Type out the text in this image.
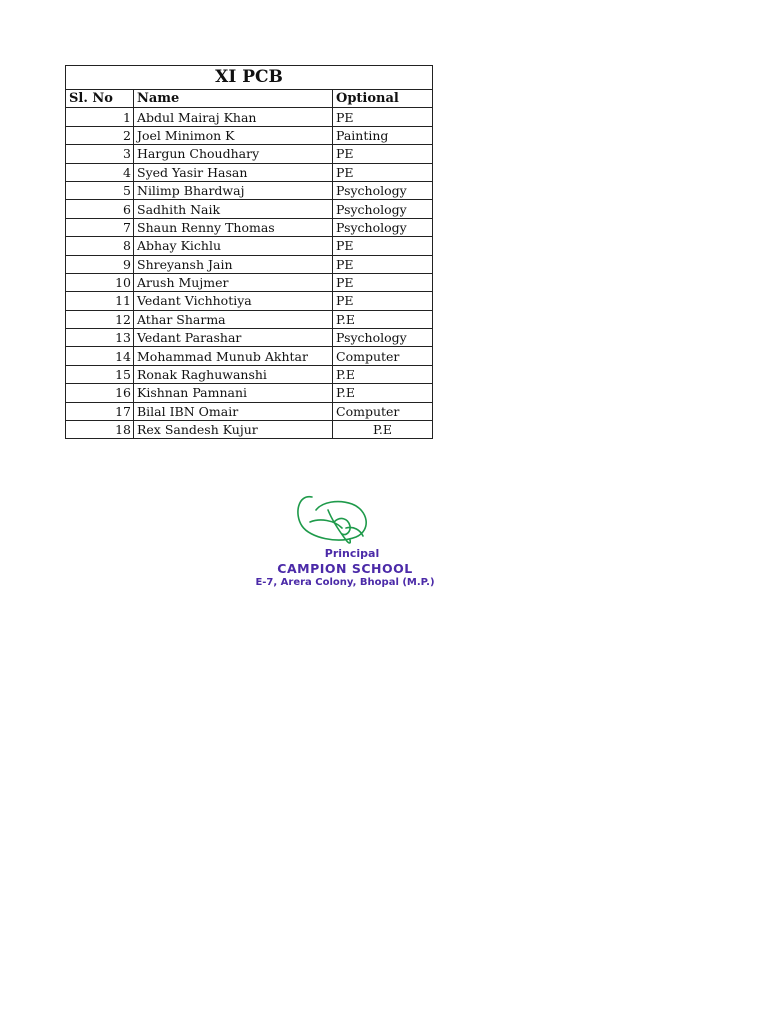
XI PCB		
Sl. No	Name	Optional
1	Abdul Mairaj Khan	PE
2	Joel Minimon K	Painting
3	Hargun Choudhary	PE
4	Syed Yasir Hasan	PE
5	Nilimp Bhardwaj	Psychology
6	Sadhith Naik	Psychology
7	Shaun Renny Thomas	Psychology
8	Abhay Kichlu	PE
9	Shreyansh Jain	PE
10	Arush Mujmer	PE
11	Vedant Vichhotiya	PE
12	Athar Sharma	P.E
13	Vedant Parashar	Psychology
14	Mohammad Munub Akhtar	Computer
15	Ronak Raghuwanshi	P.E
16	Kishnan Pamnani	P.E
17	Bilal IBN Omair	Computer
18	Rex Sandesh Kujur	P.E
Principal
CAMPION SCHOOL
E-7, Arera Colony, Bhopal (M.P.)
